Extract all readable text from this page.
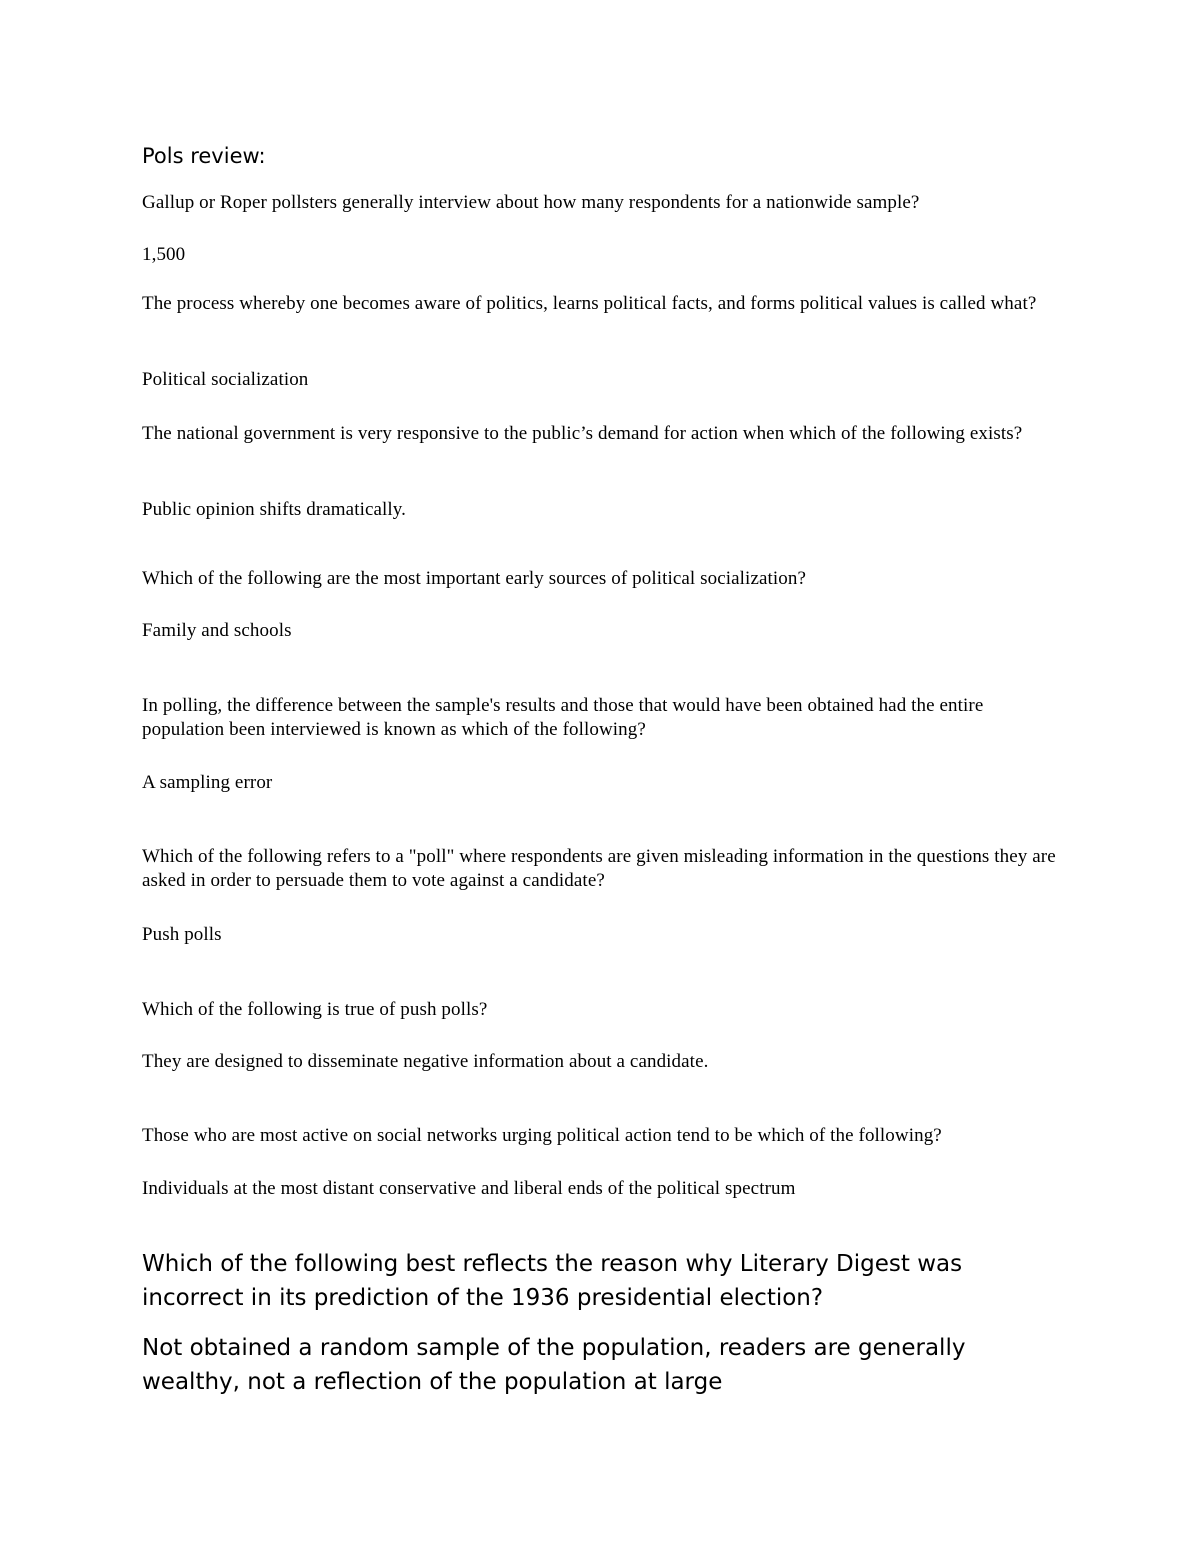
Pols review:

Gallup or Roper pollsters generally interview about how many respondents for a nationwide sample?

1,500

The process whereby one becomes aware of politics, learns political facts, and forms political values is called what?

Political socialization

The national government is very responsive to the public’s demand for action when which of the following exists?

Public opinion shifts dramatically.

Which of the following are the most important early sources of political socialization?

Family and schools

In polling, the difference between the sample's results and those that would have been obtained had the entire population been interviewed is known as which of the following?

A sampling error

Which of the following refers to a "poll" where respondents are given misleading information in the questions they are asked in order to persuade them to vote against a candidate?

Push polls

Which of the following is true of push polls?

They are designed to disseminate negative information about a candidate.

Those who are most active on social networks urging political action tend to be which of the following?

Individuals at the most distant conservative and liberal ends of the political spectrum

Which of the following best reflects the reason why Literary Digest was incorrect in its prediction of the 1936 presidential election?

Not obtained a random sample of the population, readers are generally wealthy, not a reflection of the population at large
